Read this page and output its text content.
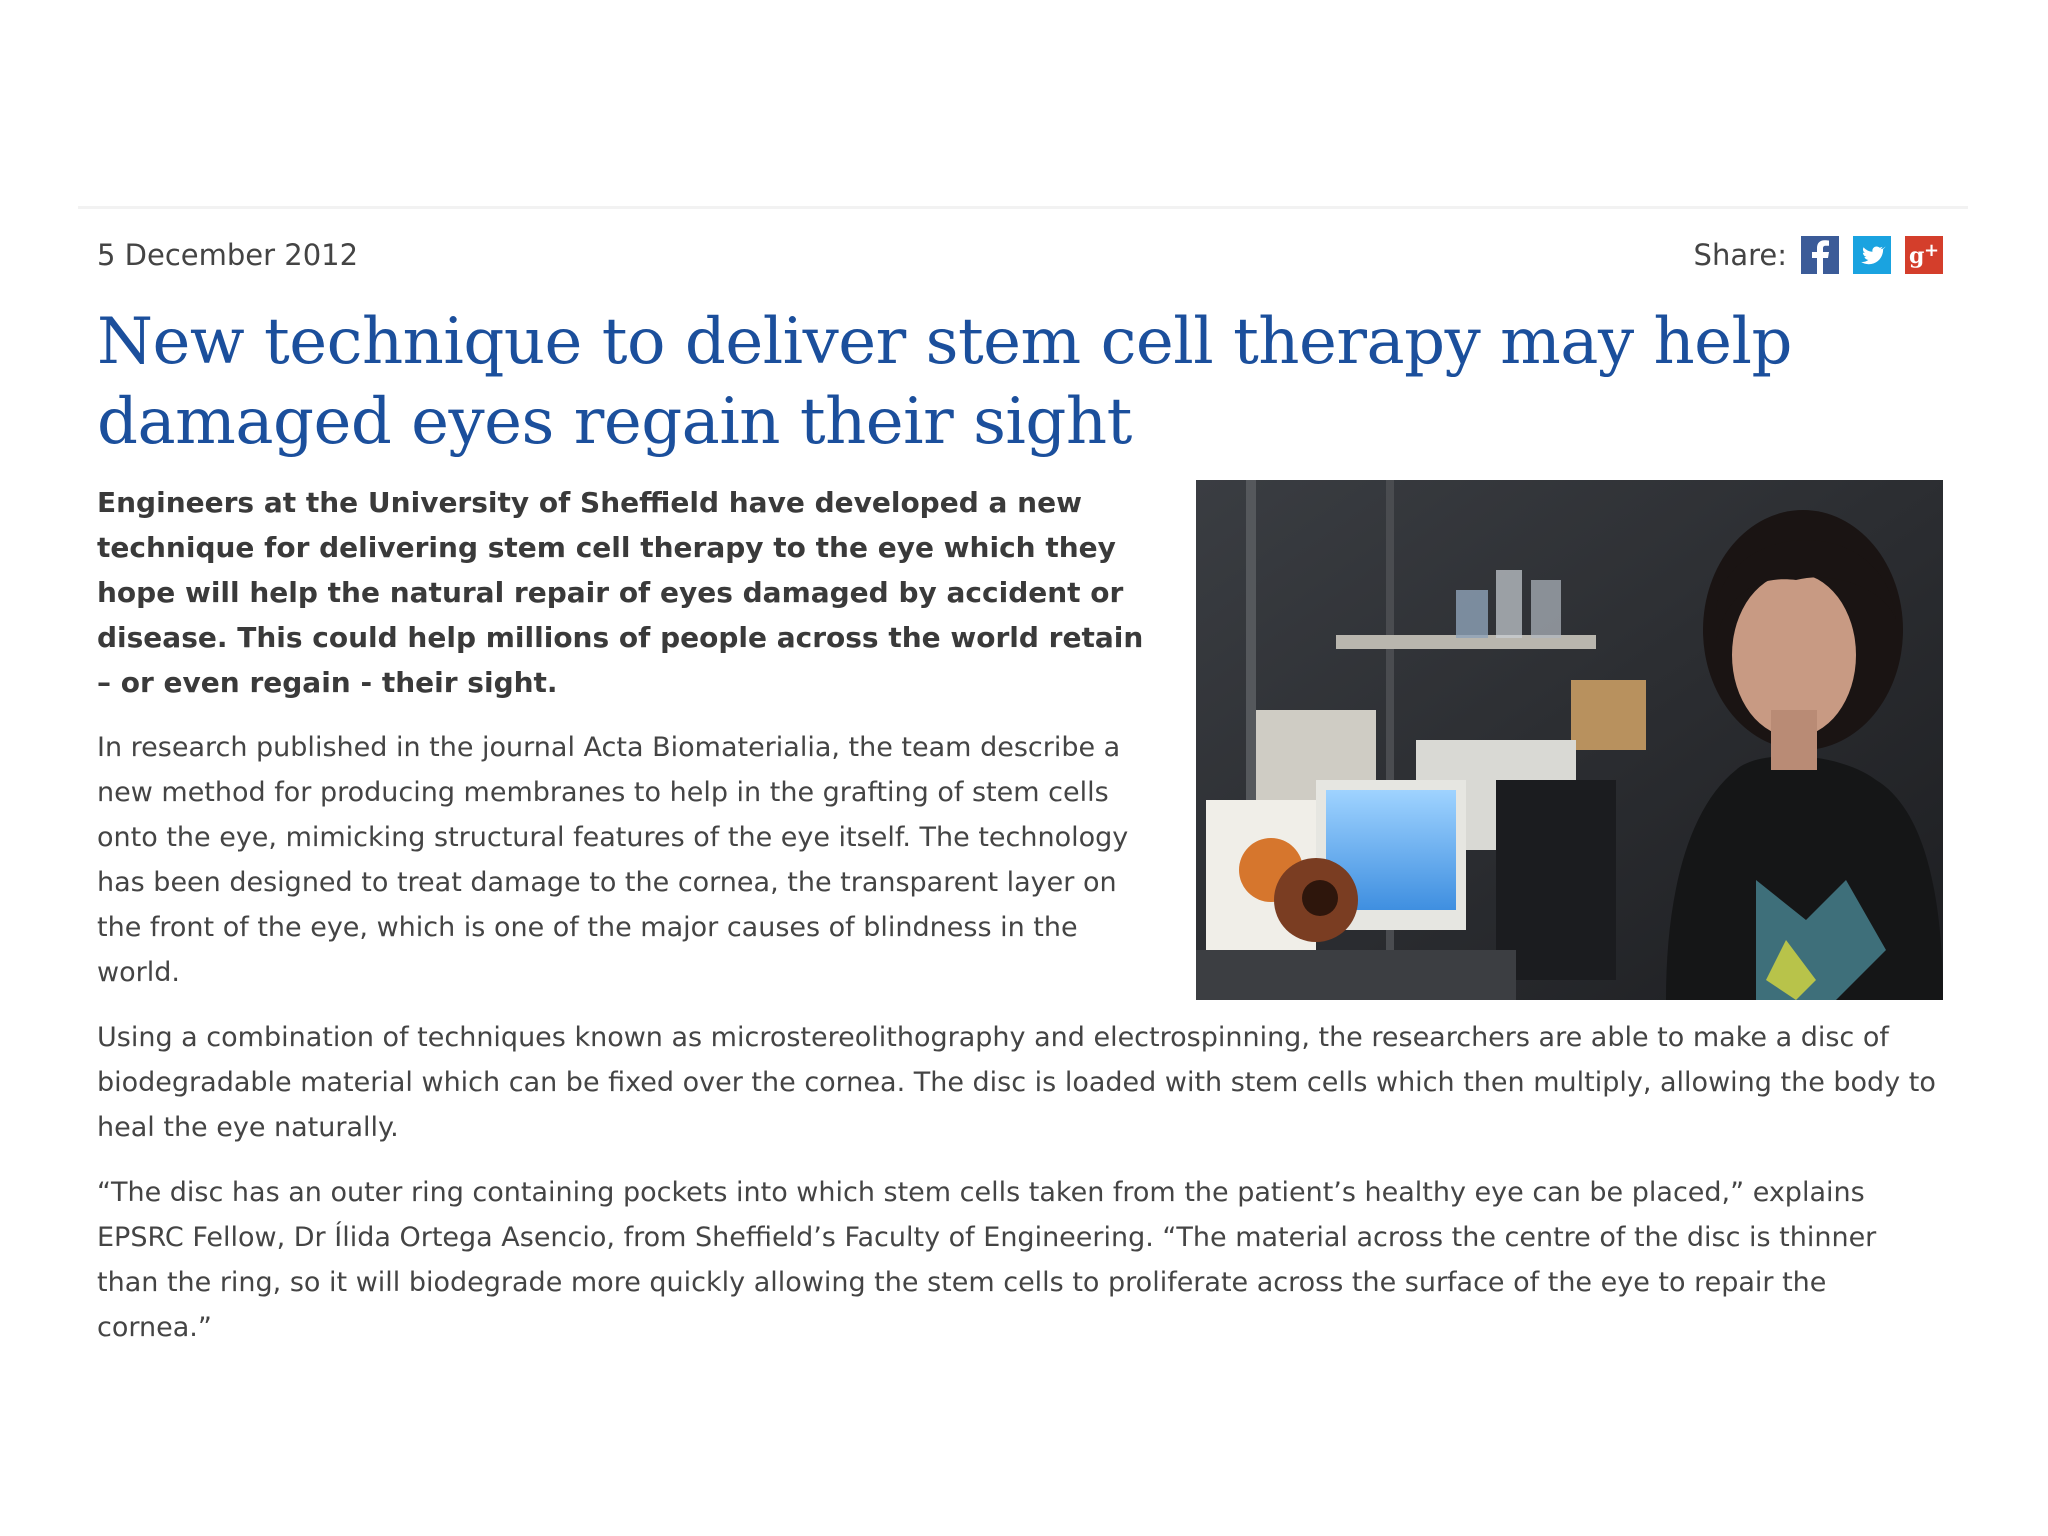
5 December 2012	Share:	g +
New technique to deliver stem cell therapy may help damaged eyes regain their sight

Engineers at the University of Sheffield have developed a new technique for delivering stem cell therapy to the eye which they hope will help the natural repair of eyes damaged by accident or disease. This could help millions of people across the world retain – or even regain - their sight.

In research published in the journal Acta Biomaterialia, the team describe a new method for producing membranes to help in the grafting of stem cells onto the eye, mimicking structural features of the eye itself. The technology has been designed to treat damage to the cornea, the transparent layer on the front of the eye, which is one of the major causes of blindness in the world.

Using a combination of techniques known as microstereolithography and electrospinning, the researchers are able to make a disc of biodegradable material which can be fixed over the cornea. The disc is loaded with stem cells which then multiply, allowing the body to heal the eye naturally.

“The disc has an outer ring containing pockets into which stem cells taken from the patient’s healthy eye can be placed,” explains EPSRC Fellow, Dr Ílida Ortega Asencio, from Sheffield’s Faculty of Engineering. “The material across the centre of the disc is thinner than the ring, so it will biodegrade more quickly allowing the stem cells to proliferate across the surface of the eye to repair the cornea.”
